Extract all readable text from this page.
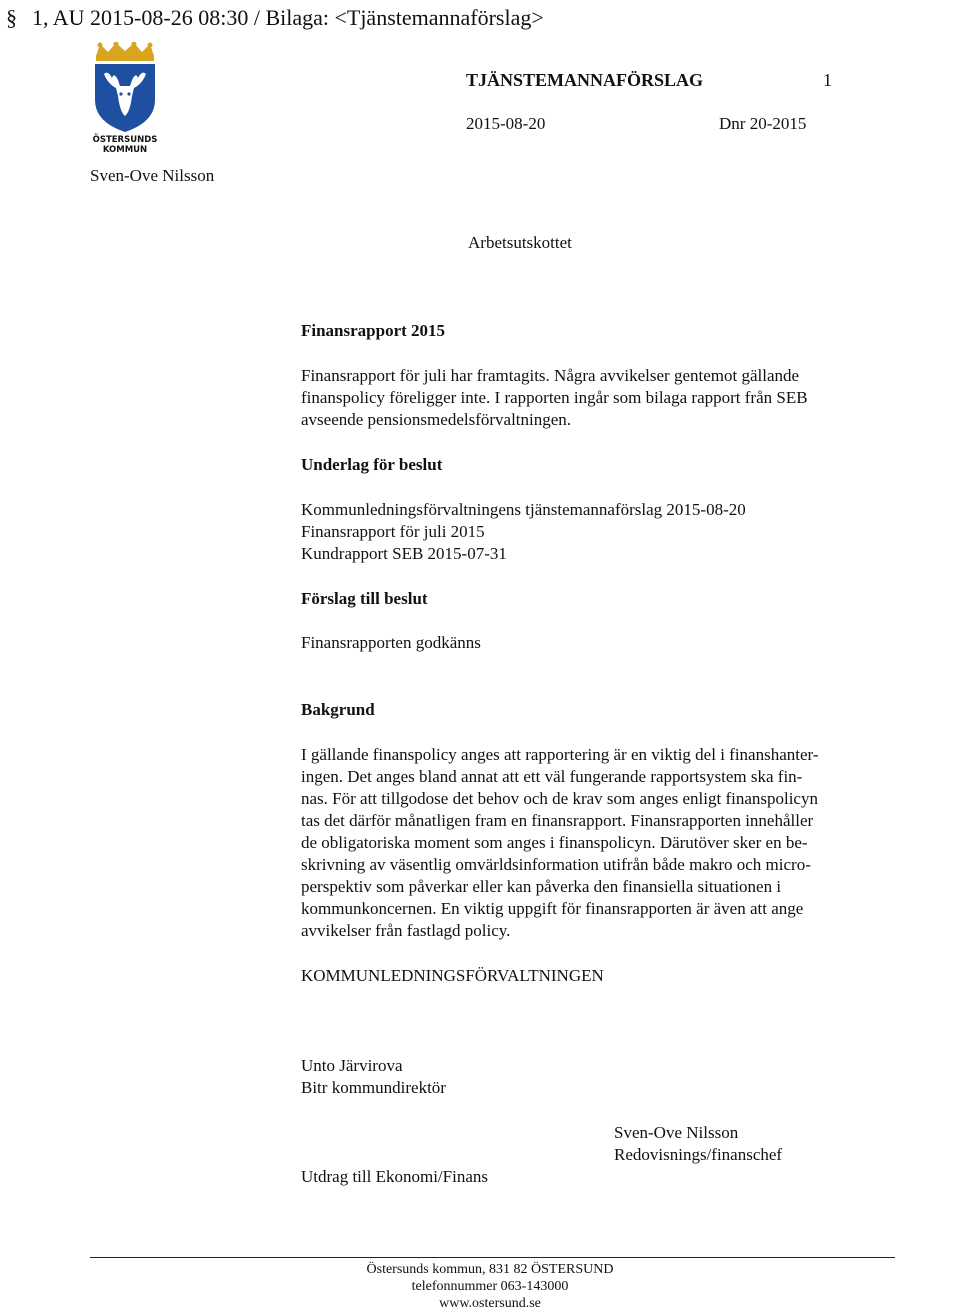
§ 1, AU 2015-08-26 08:30 / Bilaga: <Tjänstemannaförslag>
ÖSTERSUNDS
KOMMUN
TJÄNSTEMANNAFÖRSLAG	1
2015-08-20	Dnr 20-2015
Sven-Ove Nilsson
Arbetsutskottet
Finansrapport 2015
Finansrapport för juli har framtagits. Några avvikelser gentemot gällande
finanspolicy föreligger inte. I rapporten ingår som bilaga rapport från SEB
avseende pensionsmedelsförvaltningen.
Underlag för beslut
Kommunledningsförvaltningens tjänstemannaförslag 2015-08-20
Finansrapport för juli 2015
Kundrapport SEB 2015-07-31
Förslag till beslut
Finansrapporten godkänns
Bakgrund
I gällande finanspolicy anges att rapportering är en viktig del i finanshanter-
ingen. Det anges bland annat att ett väl fungerande rapportsystem ska fin-
nas. För att tillgodose det behov och de krav som anges enligt finanspolicyn
tas det därför månatligen fram en finansrapport. Finansrapporten innehåller
de obligatoriska moment som anges i finanspolicyn. Därutöver sker en be-
skrivning av väsentlig omvärldsinformation utifrån både makro och micro-
perspektiv som påverkar eller kan påverka den finansiella situationen i
kommunkoncernen. En viktig uppgift för finansrapporten är även att ange
avvikelser från fastlagd policy.
KOMMUNLEDNINGSFÖRVALTNINGEN
Unto Järvirova
Bitr kommundirektör
Sven-Ove Nilsson
Redovisnings/finanschef
Utdrag till Ekonomi/Finans
Östersunds kommun, 831 82 ÖSTERSUND
telefonnummer 063-143000
www.ostersund.se
